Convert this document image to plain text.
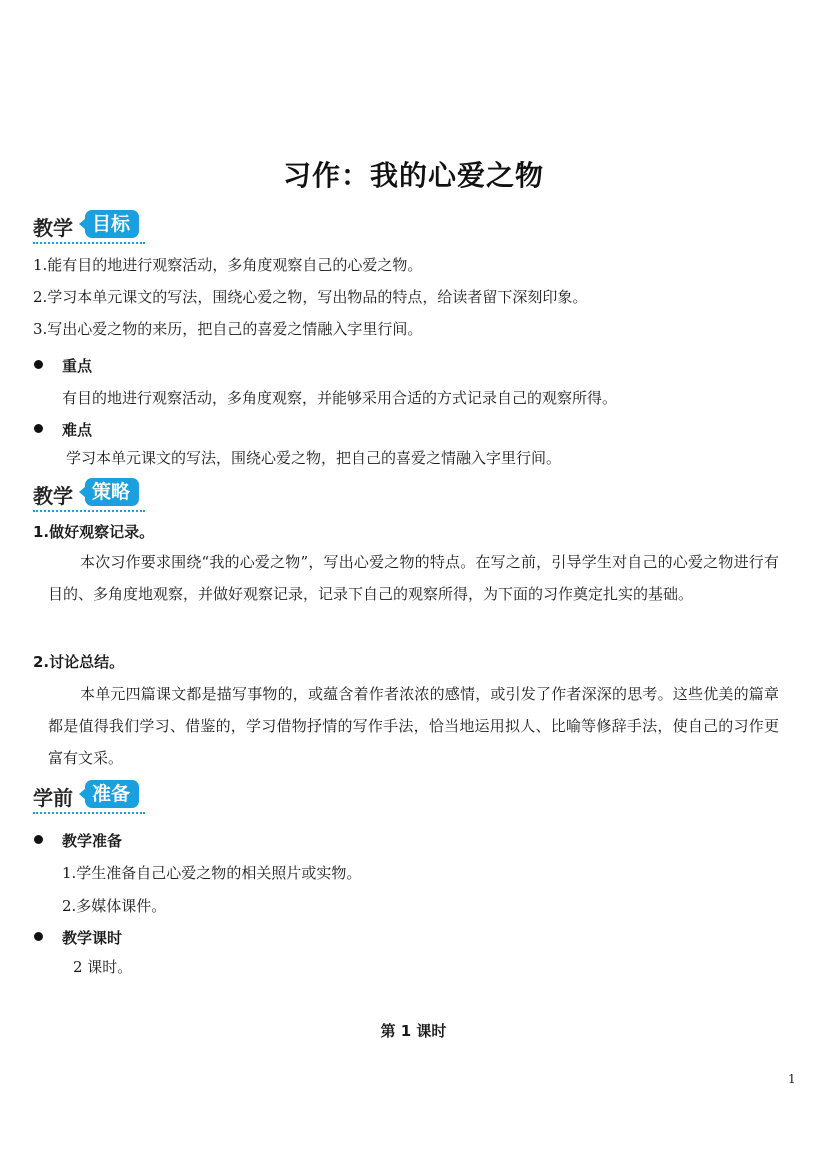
习作：我的心爱之物
教学	目标
1.能有目的地进行观察活动，多角度观察自己的心爱之物。
2.学习本单元课文的写法，围绕心爱之物，写出物品的特点，给读者留下深刻印象。
3.写出心爱之物的来历，把自己的喜爱之情融入字里行间。
重点
有目的地进行观察活动，多角度观察，并能够采用合适的方式记录自己的观察所得。
难点
学习本单元课文的写法，围绕心爱之物，把自己的喜爱之情融入字里行间。
教学	策略
1.做好观察记录。
本次习作要求围绕“我的心爱之物”，写出心爱之物的特点。在写之前，引导学生对自己的心爱之物进行有目的、多角度地观察，并做好观察记录，记录下自己的观察所得，为下面的习作奠定扎实的基础。
2.讨论总结。
本单元四篇课文都是描写事物的，或蕴含着作者浓浓的感情，或引发了作者深深的思考。这些优美的篇章都是值得我们学习、借鉴的，学习借物抒情的写作手法，恰当地运用拟人、比喻等修辞手法，使自己的习作更富有文采。
学前	准备
教学准备
1.学生准备自己心爱之物的相关照片或实物。
2.多媒体课件。
教学课时
2 课时。
第 1 课时
1
